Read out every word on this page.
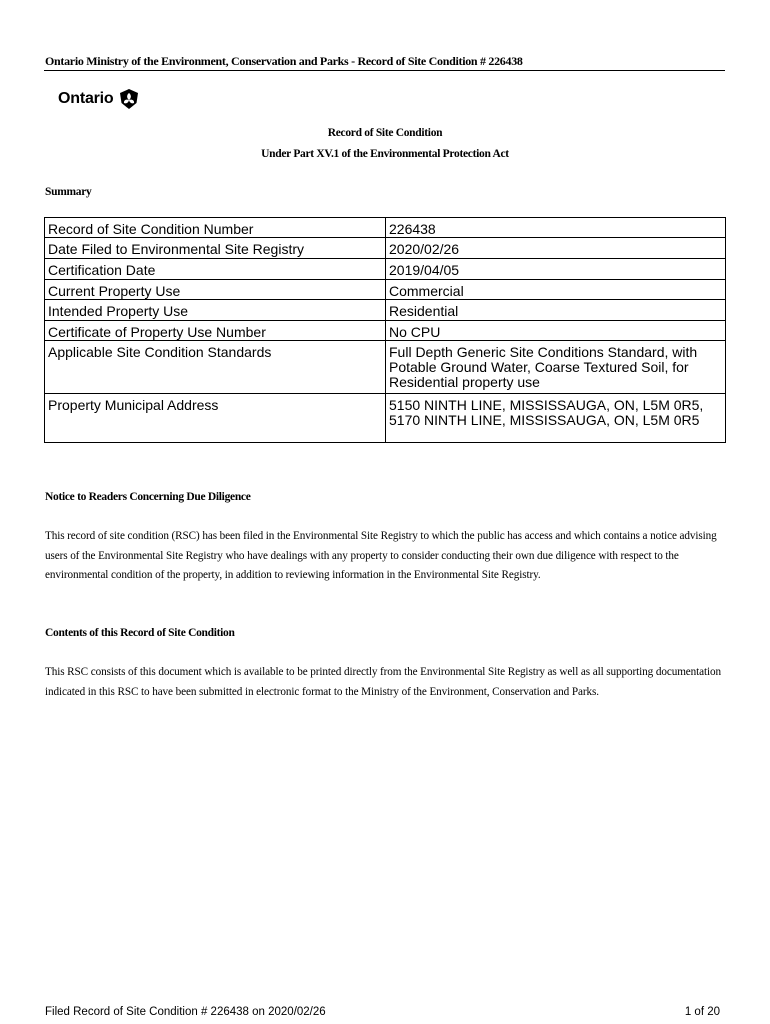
Ontario Ministry of the Environment, Conservation and Parks - Record of Site Condition # 226438
Ontario
Record of Site Condition
Under Part XV.1 of the Environmental Protection Act
Summary
Record of Site Condition Number	226438
Date Filed to Environmental Site Registry	2020/02/26
Certification Date	2019/04/05
Current Property Use	Commercial
Intended Property Use	Residential
Certificate of Property Use Number	No CPU
Applicable Site Condition Standards	Full Depth Generic Site Conditions Standard, with Potable Ground Water, Coarse Textured Soil, for Residential property use
Property Municipal Address	5150 NINTH LINE, MISSISSAUGA, ON, L5M 0R5, 5170 NINTH LINE, MISSISSAUGA, ON, L5M 0R5
Notice to Readers Concerning Due Diligence
This record of site condition (RSC) has been filed in the Environmental Site Registry to which the public has access and which contains a notice advising users of the Environmental Site Registry who have dealings with any property to consider conducting their own due diligence with respect to the environmental condition of the property, in addition to reviewing information in the Environmental Site Registry.
Contents of this Record of Site Condition
This RSC consists of this document which is available to be printed directly from the Environmental Site Registry as well as all supporting documentation indicated in this RSC to have been submitted in electronic format to the Ministry of the Environment, Conservation and Parks.
Filed Record of Site Condition # 226438 on 2020/02/26	1 of 20
